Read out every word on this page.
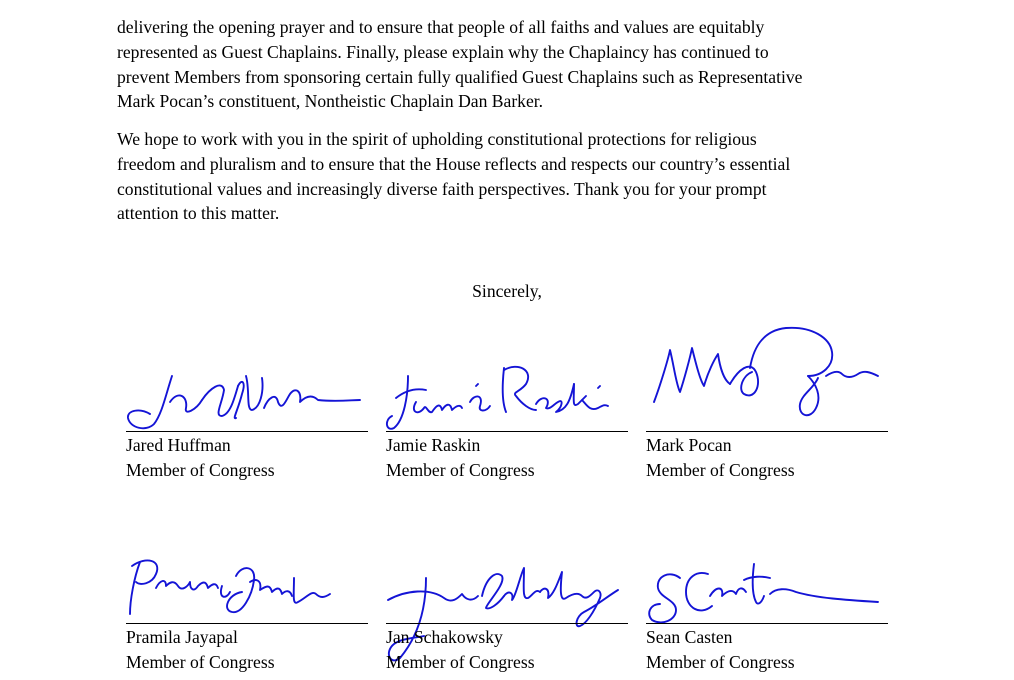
delivering the opening prayer and to ensure that people of all faiths and values are equitably
represented as Guest Chaplains. Finally, please explain why the Chaplaincy has continued to
prevent Members from sponsoring certain fully qualified Guest Chaplains such as Representative
Mark Pocan’s constituent, Nontheistic Chaplain Dan Barker.
We hope to work with you in the spirit of upholding constitutional protections for religious
freedom and pluralism and to ensure that the House reflects and respects our country’s essential
constitutional values and increasingly diverse faith perspectives. Thank you for your prompt
attention to this matter.

Sincerely,

Jared Huffman
Member of Congress
Jamie Raskin
Member of Congress
Mark Pocan
Member of Congress
Pramila Jayapal
Member of Congress
Jan Schakowsky
Member of Congress
Sean Casten
Member of Congress
